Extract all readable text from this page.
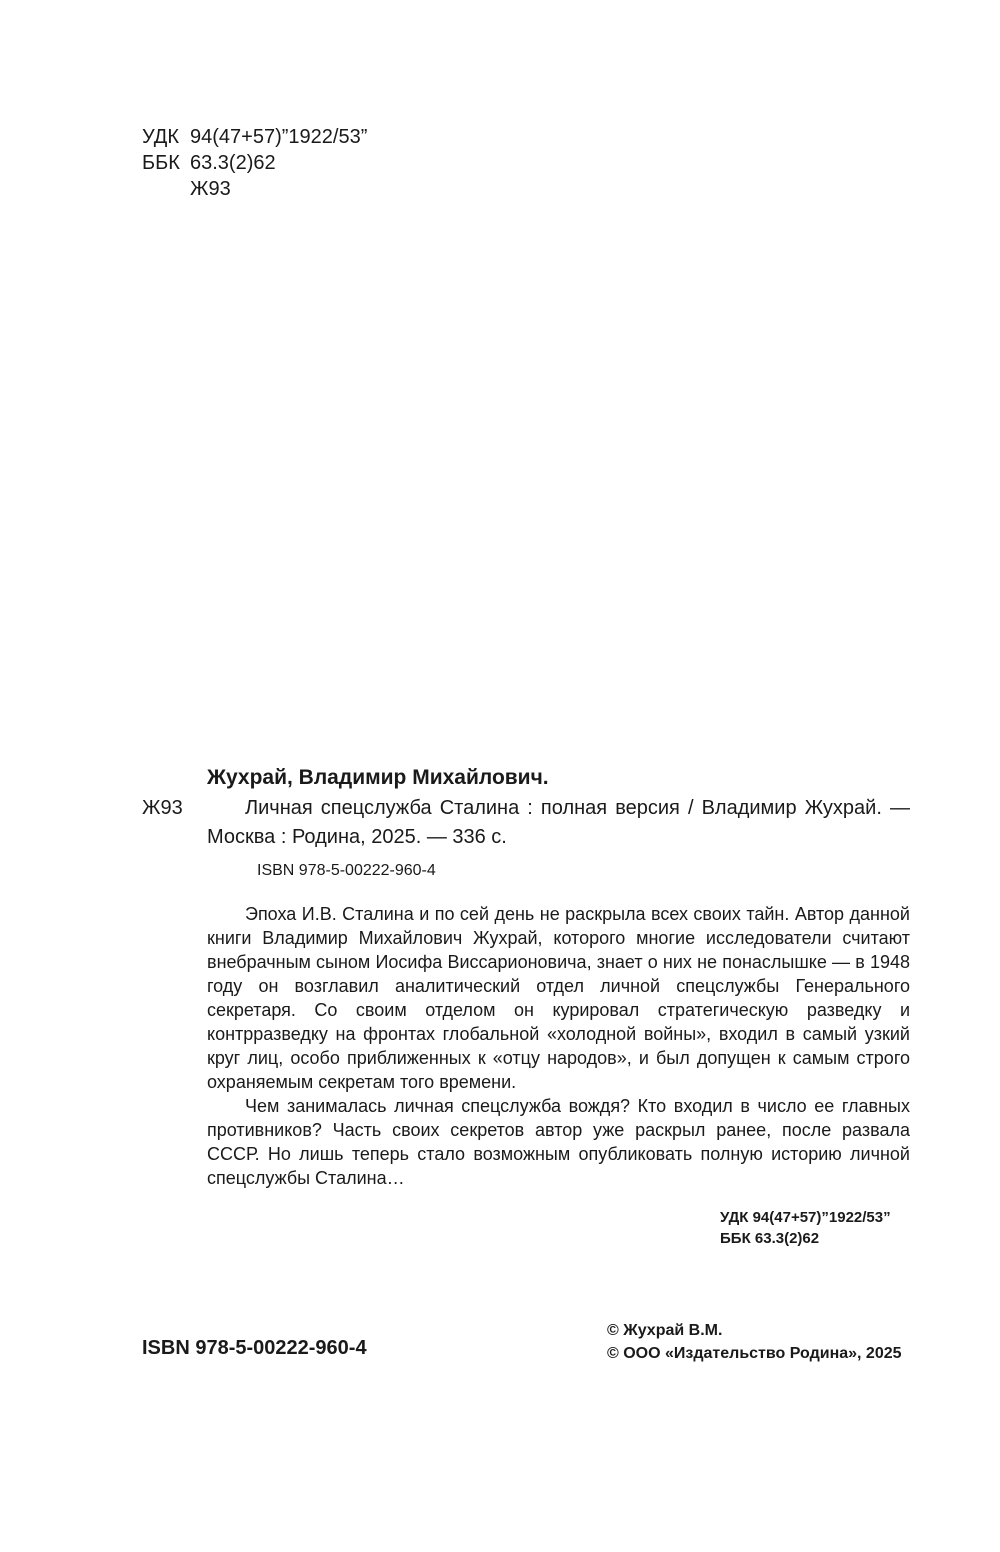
УДК 94(47+57)”1922/53”
ББК 63.3(2)62
Ж93
Жухрай, Владимир Михайлович.
Ж93	Личная спецслужба Сталина : полная версия / Владимир Жухрай. — Москва : Родина, 2025. — 336 с.
ISBN 978-5-00222-960-4

Эпоха И.В. Сталина и по сей день не раскрыла всех своих тайн. Автор данной книги Владимир Михайлович Жухрай, которого многие исследователи считают внебрачным сыном Иосифа Виссарионовича, знает о них не понаслышке — в 1948 году он возглавил аналитический отдел личной спецслужбы Генерального секретаря. Со своим отделом он курировал стратегическую разведку и контрразведку на фронтах глобальной «холодной войны», входил в самый узкий круг лиц, особо приближенных к «отцу народов», и был допущен к самым строго охраняемым секретам того времени.

Чем занималась личная спецслужба вождя? Кто входил в число ее главных противников? Часть своих секретов автор уже раскрыл ранее, после развала СССР. Но лишь теперь стало возможным опубликовать полную историю личной спецслужбы Сталина…

УДК 94(47+57)”1922/53”
ББК 63.3(2)62
ISBN 978-5-00222-960-4
© Жухрай В.М.
© ООО «Издательство Родина», 2025
